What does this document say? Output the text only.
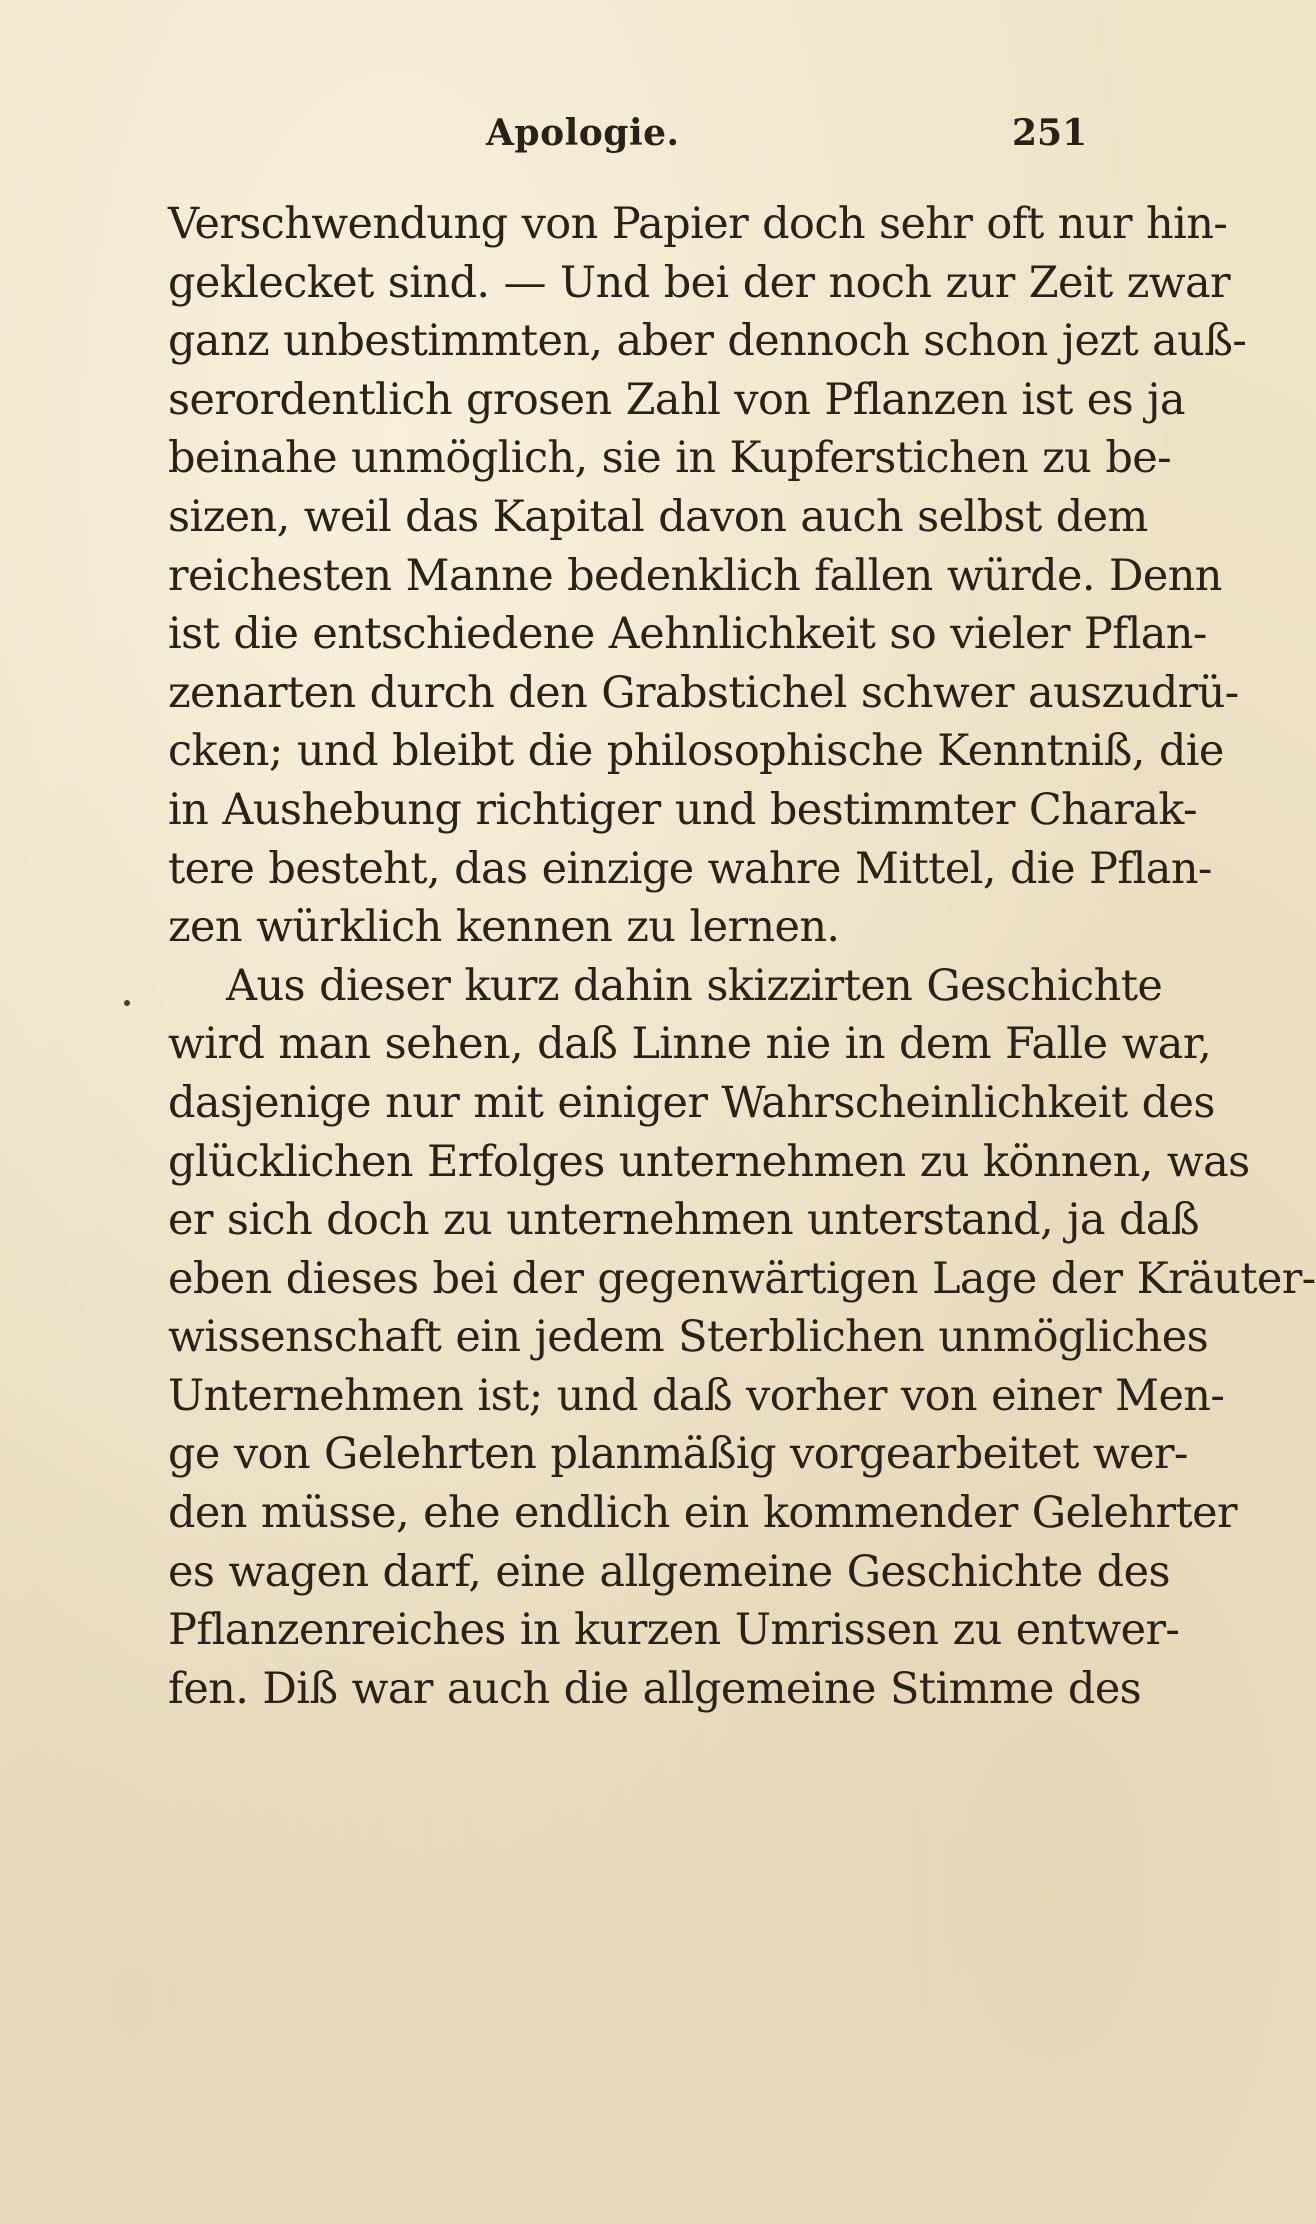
Apologie.	251
Verschwendung von Papier doch sehr oft nur hin-
geklecket sind. — Und bei der noch zur Zeit zwar
ganz unbestimmten, aber dennoch schon jezt auß-
serordentlich grosen Zahl von Pflanzen ist es ja
beinahe unmöglich, sie in Kupferstichen zu be-
sizen, weil das Kapital davon auch selbst dem
reichesten Manne bedenklich fallen würde. Denn
ist die entschiedene Aehnlichkeit so vieler Pflan-
zenarten durch den Grabstichel schwer auszudrü-
cken; und bleibt die philosophische Kenntniß, die
in Aushebung richtiger und bestimmter Charak-
tere besteht, das einzige wahre Mittel, die Pflan-
zen würklich kennen zu lernen.
Aus dieser kurz dahin skizzirten Geschichte
wird man sehen, daß Linne nie in dem Falle war,
dasjenige nur mit einiger Wahrscheinlichkeit des
glücklichen Erfolges unternehmen zu können, was
er sich doch zu unternehmen unterstand, ja daß
eben dieses bei der gegenwärtigen Lage der Kräuter-
wissenschaft ein jedem Sterblichen unmögliches
Unternehmen ist; und daß vorher von einer Men-
ge von Gelehrten planmäßig vorgearbeitet wer-
den müsse, ehe endlich ein kommender Gelehrter
es wagen darf, eine allgemeine Geschichte des
Pflanzenreiches in kurzen Umrissen zu entwer-
fen. Diß war auch die allgemeine Stimme des
